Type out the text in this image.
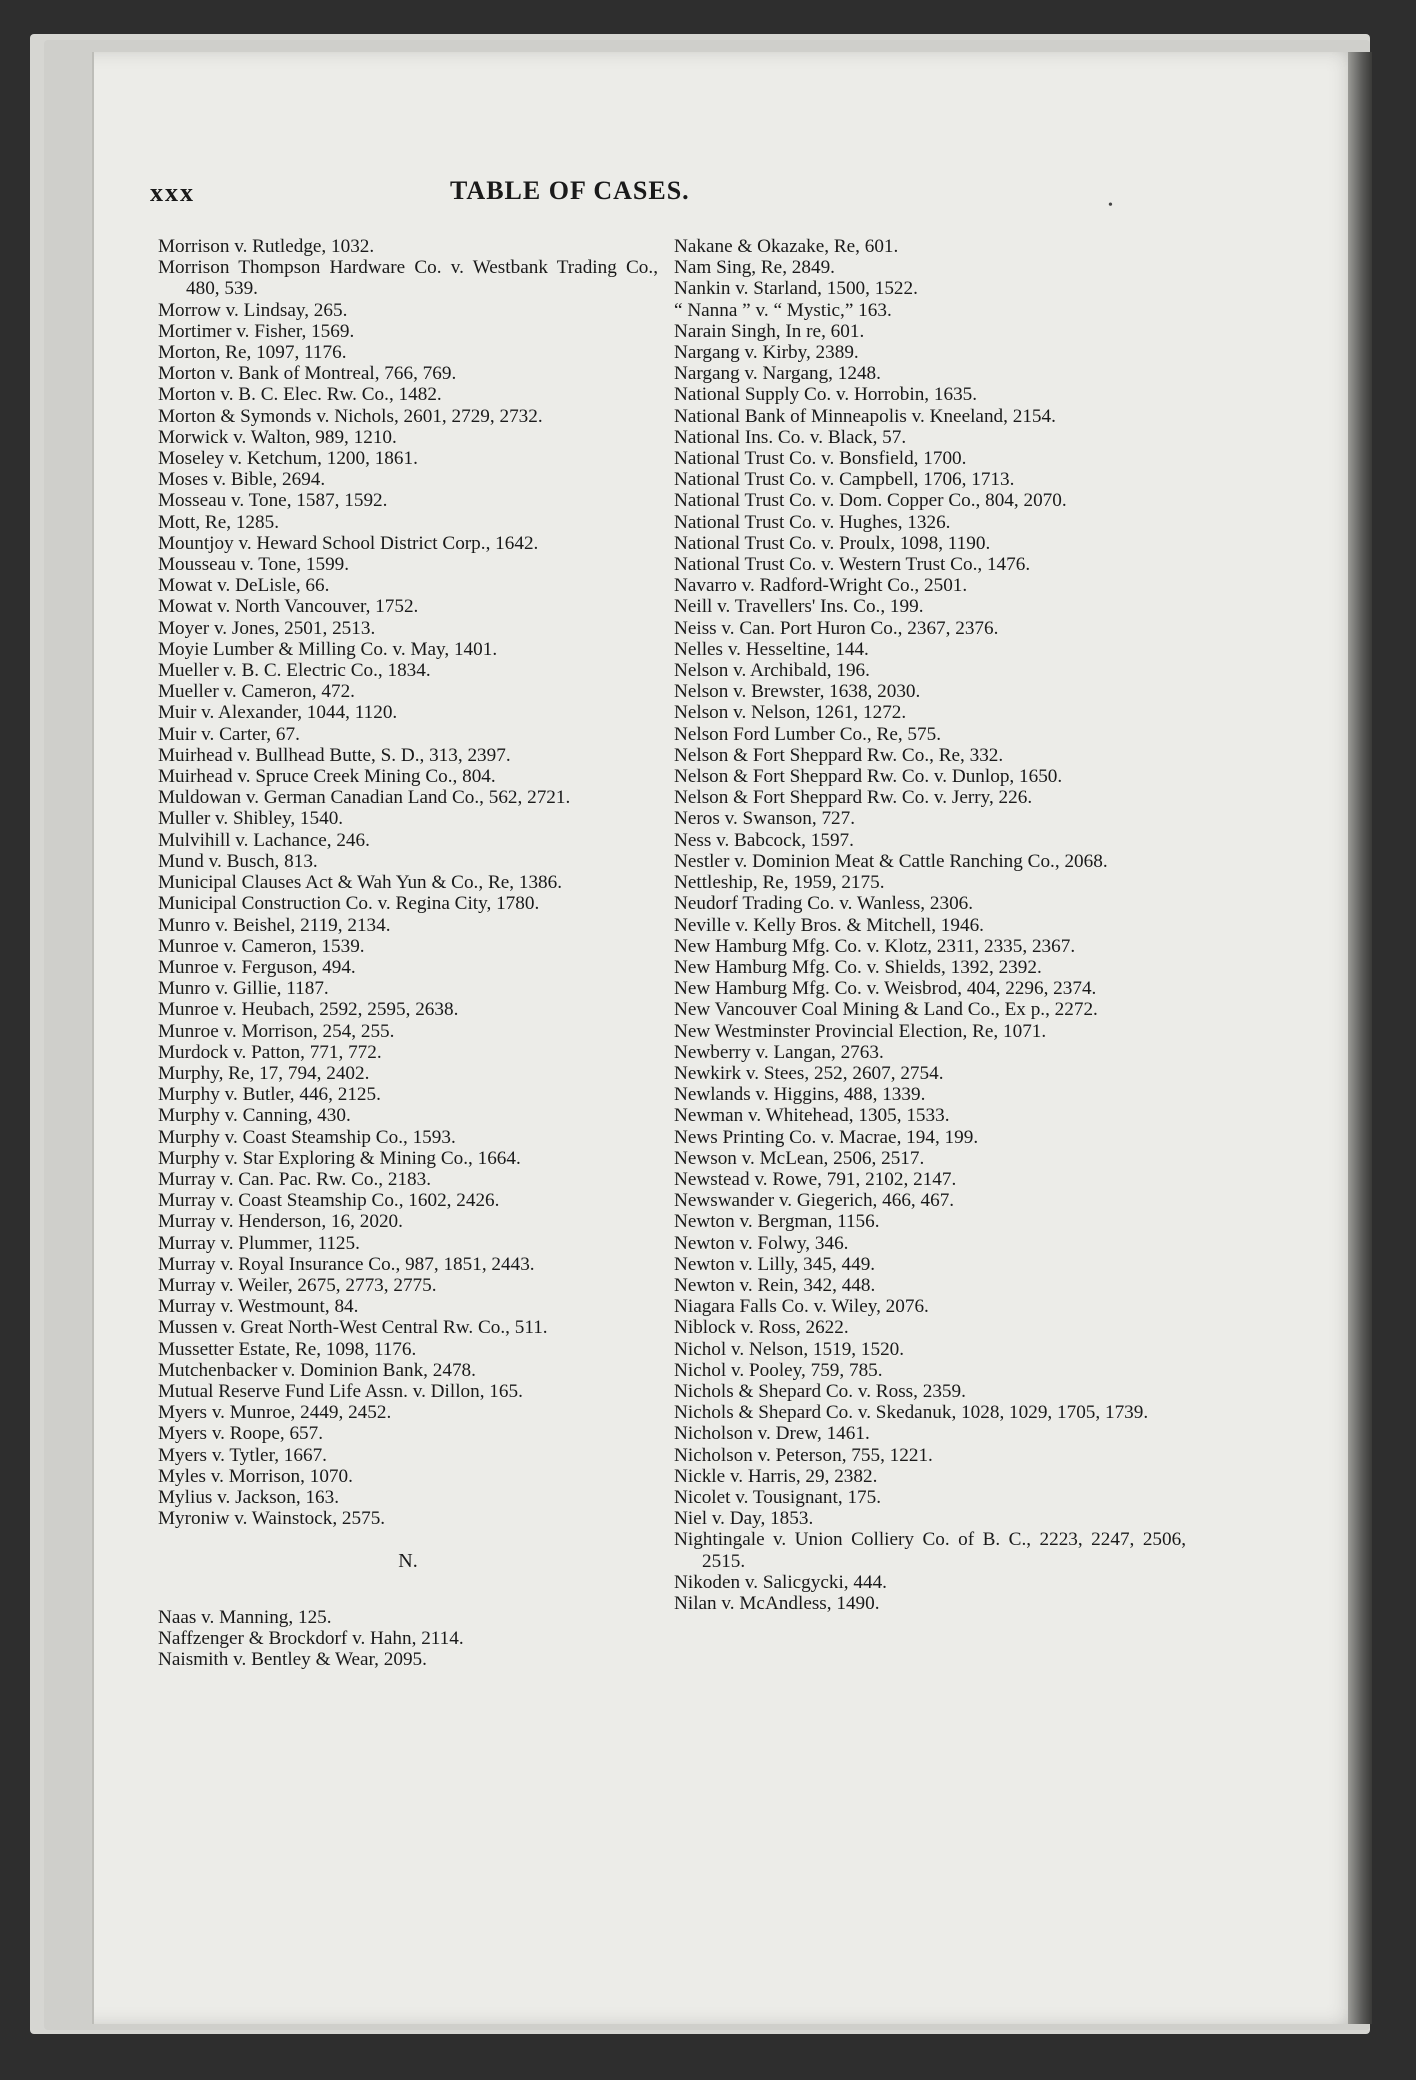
xxx	TABLE OF CASES.
•
Morrison v. Rutledge, 1032.
Morrison Thompson Hardware Co. v. Westbank Trading Co., 480, 539.
Morrow v. Lindsay, 265.
Mortimer v. Fisher, 1569.
Morton, Re, 1097, 1176.
Morton v. Bank of Montreal, 766, 769.
Morton v. B. C. Elec. Rw. Co., 1482.
Morton & Symonds v. Nichols, 2601, 2729, 2732.
Morwick v. Walton, 989, 1210.
Moseley v. Ketchum, 1200, 1861.
Moses v. Bible, 2694.
Mosseau v. Tone, 1587, 1592.
Mott, Re, 1285.
Mountjoy v. Heward School District Corp., 1642.
Mousseau v. Tone, 1599.
Mowat v. DeLisle, 66.
Mowat v. North Vancouver, 1752.
Moyer v. Jones, 2501, 2513.
Moyie Lumber & Milling Co. v. May, 1401.
Mueller v. B. C. Electric Co., 1834.
Mueller v. Cameron, 472.
Muir v. Alexander, 1044, 1120.
Muir v. Carter, 67.
Muirhead v. Bullhead Butte, S. D., 313, 2397.
Muirhead v. Spruce Creek Mining Co., 804.
Muldowan v. German Canadian Land Co., 562, 2721.
Muller v. Shibley, 1540.
Mulvihill v. Lachance, 246.
Mund v. Busch, 813.
Municipal Clauses Act & Wah Yun & Co., Re, 1386.
Municipal Construction Co. v. Regina City, 1780.
Munro v. Beishel, 2119, 2134.
Munroe v. Cameron, 1539.
Munroe v. Ferguson, 494.
Munro v. Gillie, 1187.
Munroe v. Heubach, 2592, 2595, 2638.
Munroe v. Morrison, 254, 255.
Murdock v. Patton, 771, 772.
Murphy, Re, 17, 794, 2402.
Murphy v. Butler, 446, 2125.
Murphy v. Canning, 430.
Murphy v. Coast Steamship Co., 1593.
Murphy v. Star Exploring & Mining Co., 1664.
Murray v. Can. Pac. Rw. Co., 2183.
Murray v. Coast Steamship Co., 1602, 2426.
Murray v. Henderson, 16, 2020.
Murray v. Plummer, 1125.
Murray v. Royal Insurance Co., 987, 1851, 2443.
Murray v. Weiler, 2675, 2773, 2775.
Murray v. Westmount, 84.
Mussen v. Great North-West Central Rw. Co., 511.
Mussetter Estate, Re, 1098, 1176.
Mutchenbacker v. Dominion Bank, 2478.
Mutual Reserve Fund Life Assn. v. Dillon, 165.
Myers v. Munroe, 2449, 2452.
Myers v. Roope, 657.
Myers v. Tytler, 1667.
Myles v. Morrison, 1070.
Mylius v. Jackson, 163.
Myroniw v. Wainstock, 2575.
N.
Naas v. Manning, 125.
Naffzenger & Brockdorf v. Hahn, 2114.
Naismith v. Bentley & Wear, 2095.
Nakane & Okazake, Re, 601.
Nam Sing, Re, 2849.
Nankin v. Starland, 1500, 1522.
“ Nanna ” v. “ Mystic,” 163.
Narain Singh, In re, 601.
Nargang v. Kirby, 2389.
Nargang v. Nargang, 1248.
National Supply Co. v. Horrobin, 1635.
National Bank of Minneapolis v. Kneeland, 2154.
National Ins. Co. v. Black, 57.
National Trust Co. v. Bonsfield, 1700.
National Trust Co. v. Campbell, 1706, 1713.
National Trust Co. v. Dom. Copper Co., 804, 2070.
National Trust Co. v. Hughes, 1326.
National Trust Co. v. Proulx, 1098, 1190.
National Trust Co. v. Western Trust Co., 1476.
Navarro v. Radford-Wright Co., 2501.
Neill v. Travellers' Ins. Co., 199.
Neiss v. Can. Port Huron Co., 2367, 2376.
Nelles v. Hesseltine, 144.
Nelson v. Archibald, 196.
Nelson v. Brewster, 1638, 2030.
Nelson v. Nelson, 1261, 1272.
Nelson Ford Lumber Co., Re, 575.
Nelson & Fort Sheppard Rw. Co., Re, 332.
Nelson & Fort Sheppard Rw. Co. v. Dunlop, 1650.
Nelson & Fort Sheppard Rw. Co. v. Jerry, 226.
Neros v. Swanson, 727.
Ness v. Babcock, 1597.
Nestler v. Dominion Meat & Cattle Ranching Co., 2068.
Nettleship, Re, 1959, 2175.
Neudorf Trading Co. v. Wanless, 2306.
Neville v. Kelly Bros. & Mitchell, 1946.
New Hamburg Mfg. Co. v. Klotz, 2311, 2335, 2367.
New Hamburg Mfg. Co. v. Shields, 1392, 2392.
New Hamburg Mfg. Co. v. Weisbrod, 404, 2296, 2374.
New Vancouver Coal Mining & Land Co., Ex p., 2272.
New Westminster Provincial Election, Re, 1071.
Newberry v. Langan, 2763.
Newkirk v. Stees, 252, 2607, 2754.
Newlands v. Higgins, 488, 1339.
Newman v. Whitehead, 1305, 1533.
News Printing Co. v. Macrae, 194, 199.
Newson v. McLean, 2506, 2517.
Newstead v. Rowe, 791, 2102, 2147.
Newswander v. Giegerich, 466, 467.
Newton v. Bergman, 1156.
Newton v. Folwy, 346.
Newton v. Lilly, 345, 449.
Newton v. Rein, 342, 448.
Niagara Falls Co. v. Wiley, 2076.
Niblock v. Ross, 2622.
Nichol v. Nelson, 1519, 1520.
Nichol v. Pooley, 759, 785.
Nichols & Shepard Co. v. Ross, 2359.
Nichols & Shepard Co. v. Skedanuk, 1028, 1029, 1705, 1739.
Nicholson v. Drew, 1461.
Nicholson v. Peterson, 755, 1221.
Nickle v. Harris, 29, 2382.
Nicolet v. Tousignant, 175.
Niel v. Day, 1853.
Nightingale v. Union Colliery Co. of B. C., 2223, 2247, 2506, 2515.
Nikoden v. Salicgycki, 444.
Nilan v. McAndless, 1490.
